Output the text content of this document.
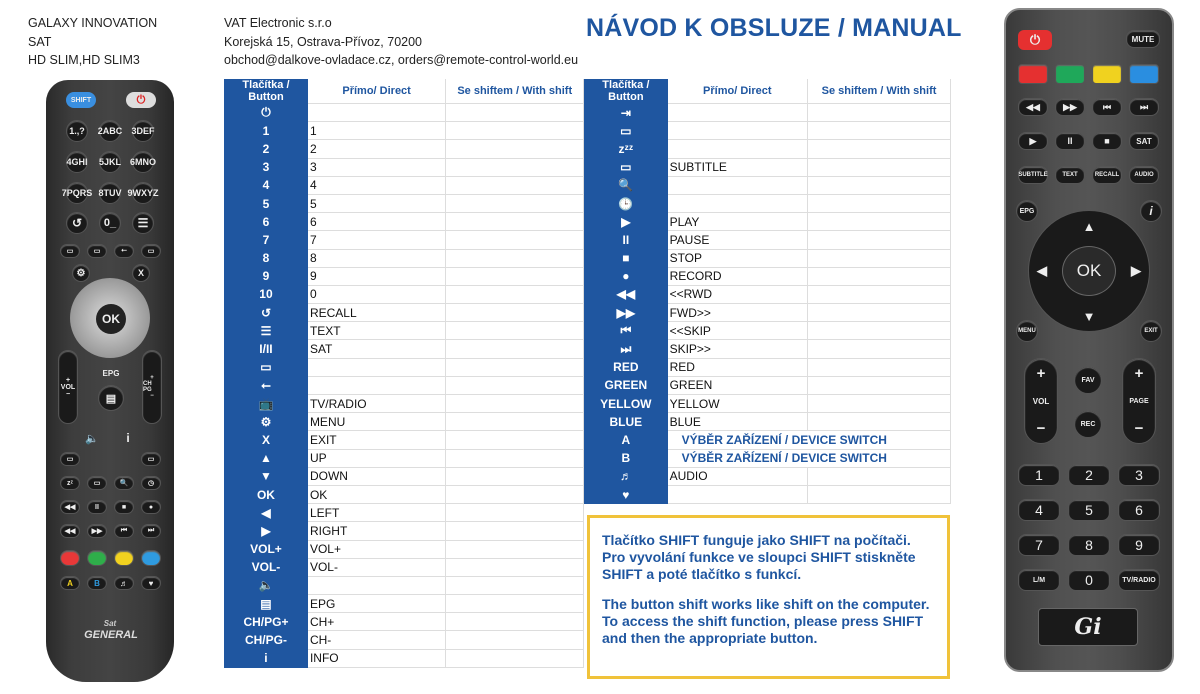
GALAXY INNOVATION
SAT
HD SLIM,HD SLIM3
VAT Electronic s.r.o
Korejská 15, Ostrava-Přívoz, 70200
obchod@dalkove-ovladace.cz, orders@remote-control-world.eu
NÁVOD K OBSLUZE / MANUAL
SHIFT	⏻
1.,?	2ABC 3DEF
4GHI 5JKL 6MNO
7PQRS 8TUV 9WXYZ
↺	0_	☰
OK
EPG
+
VOL
−
+
CH PG
−
▤
🔈	i
▭	▭	⭠	▭
zᶻ	▭	🔍	◷
◀◀	II	■	●
◀◀	▶▶	⏮	⏭
⚙	X
▭	▭
A	B	♬	♥
Sat
GENERAL
Tlačítka / Button	Přímo/ Direct	Se shiftem / With shift	Tlačítka / Button	Přímo/ Direct	Se shiftem / With shift
⏻			⇥		
1	1		▭		
2	2		zᶻᶻ		
3	3		▭	SUBTITLE	
4	4		🔍		
5	5		🕒		
6	6		▶	PLAY	
7	7		II	PAUSE	
8	8		■	STOP	
9	9		●	RECORD	
10	0		◀◀	<<RWD	
↺	RECALL		▶▶	FWD>>	
☰	TEXT		⏮	<<SKIP	
I/II	SAT		⏭	SKIP>>	
▭			RED	RED	
⭠			GREEN	GREEN	
📺	TV/RADIO		YELLOW	YELLOW	
⚙	MENU		BLUE	BLUE	
X	EXIT		A	VÝBĚR ZAŘÍZENÍ / DEVICE SWITCH	
▲	UP		B	VÝBĚR ZAŘÍZENÍ / DEVICE SWITCH	
▼	DOWN		♬	AUDIO	
OK	OK		♥		
◀	LEFT				
▶	RIGHT				
VOL+	VOL+				
VOL-	VOL-				
🔈					
▤	EPG				
CH/PG+	CH+				
CH/PG-	CH-				
i	INFO				

Tlačítko SHIFT funguje jako SHIFT na počítači. Pro vyvolání funkce ve sloupci SHIFT stiskněte SHIFT a poté tlačítko s funkcí.

The button shift works like shift on the computer. To access the shift function, please press SHIFT and then the appropriate button.

⏻	MUTE
◀◀	▶▶	⏮	⏭
▶	II	■	SAT
SUBTITLE	TEXT	RECALL	AUDIO
EPG	i
▲
▼
◀	▶
OK
MENU	EXIT
+
VOL
−
+
PAGE
−
FAV
REC
1	2	3
4	5	6
7	8	9
L/M	0	TV/RADIO
Gi
